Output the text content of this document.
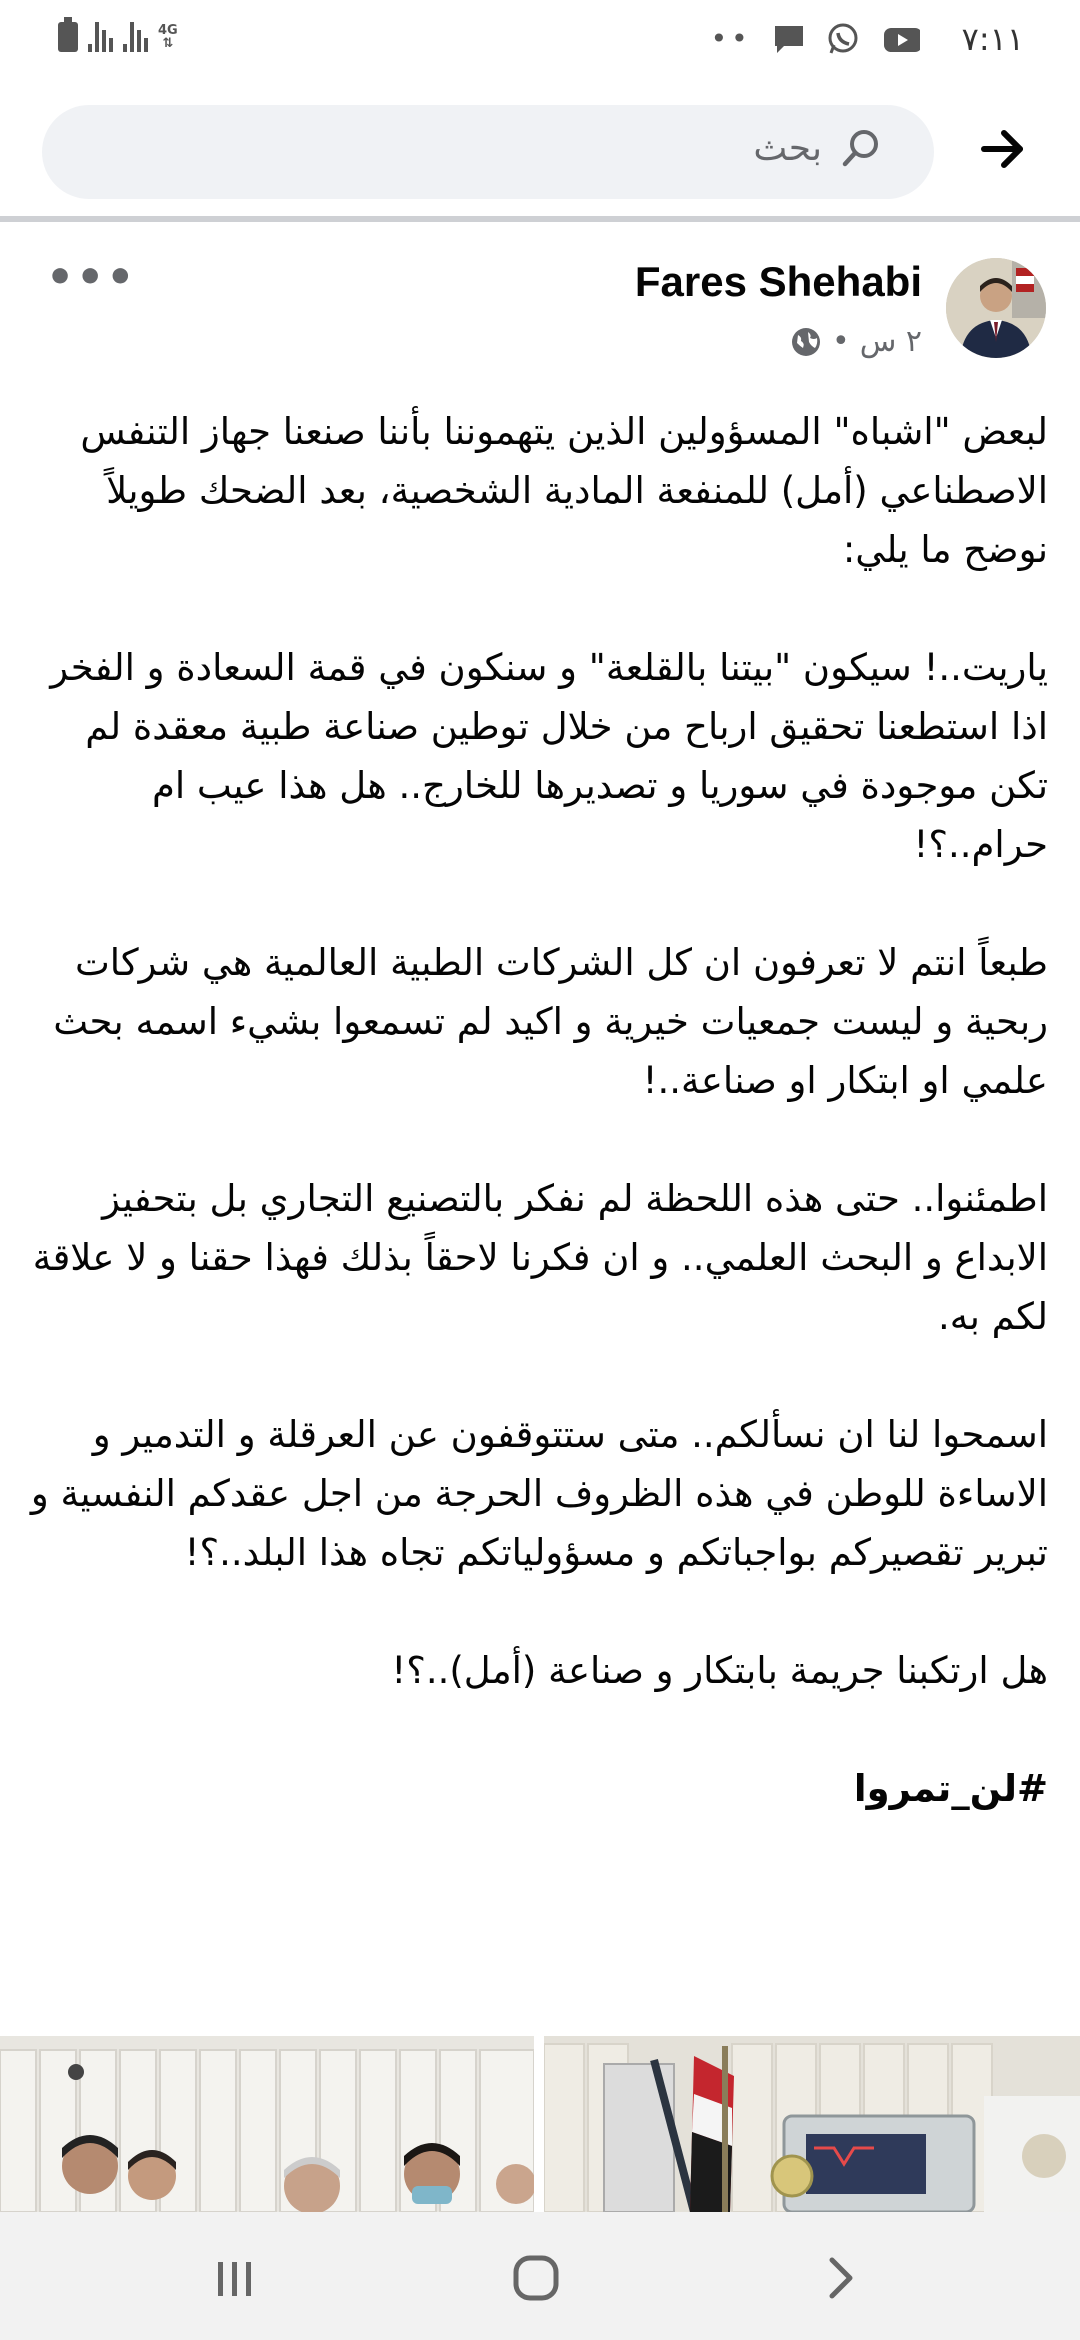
4G
⇅	••	٧:١١
بحث
Fares Shehabi
٢ س
•
•••

لبعض "اشباه" المسؤولين الذين يتهموننا بأننا صنعنا جهاز التنفس الاصطناعي (أمل) للمنفعة المادية الشخصية، بعد الضحك طويلاً نوضح ما يلي:

ياريت..! سيكون "بيتنا بالقلعة" و سنكون في قمة السعادة و الفخر اذا استطعنا تحقيق ارباح من خلال توطين صناعة طبية معقدة لم تكن موجودة في سوريا و تصديرها للخارج.. هل هذا عيب ام حرام..؟!

طبعاً انتم لا تعرفون ان كل الشركات الطبية العالمية هي شركات ربحية و ليست جمعيات خيرية و اكيد لم تسمعوا بشيء اسمه بحث علمي او ابتكار او صناعة..!

اطمئنوا.. حتى هذه اللحظة لم نفكر بالتصنيع التجاري بل بتحفيز الابداع و البحث العلمي.. و ان فكرنا لاحقاً بذلك فهذا حقنا و لا علاقة لكم به.

اسمحوا لنا ان نسألكم.. متى ستتوقفون عن العرقلة و التدمير و الاساءة للوطن في هذه الظروف الحرجة من اجل عقدكم النفسية و تبرير تقصيركم بواجباتكم و مسؤولياتكم تجاه هذا البلد..؟!

هل ارتكبنا جريمة بابتكار و صناعة (أمل)..؟!

#لن_تمروا
